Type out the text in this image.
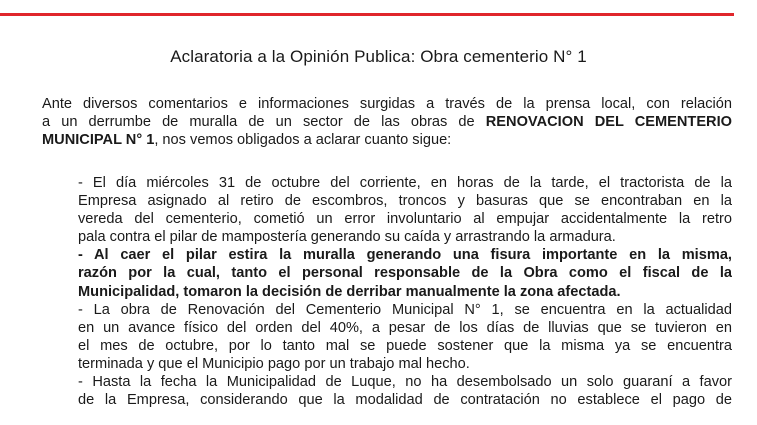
Aclaratoria a la Opinión Publica: Obra cementerio N° 1
Ante diversos comentarios e informaciones surgidas a través de la prensa local, con relación
a un derrumbe de muralla de un sector de las obras de RENOVACION DEL CEMENTERIO
MUNICIPAL N° 1, nos vemos obligados a aclarar cuanto sigue:
- El día miércoles 31 de octubre del corriente, en horas de la tarde, el tractorista de la
Empresa asignado al retiro de escombros, troncos y basuras que se encontraban en la
vereda del cementerio, cometió un error involuntario al empujar accidentalmente la retro
pala contra el pilar de mampostería generando su caída y arrastrando la armadura.
- Al caer el pilar estira la muralla generando una fisura importante en la misma,
razón por la cual, tanto el personal responsable de la Obra como el fiscal de la
Municipalidad, tomaron la decisión de derribar manualmente la zona afectada.
- La obra de Renovación del Cementerio Municipal N° 1, se encuentra en la actualidad
en un avance físico del orden del 40%, a pesar de los días de lluvias que se tuvieron en
el mes de octubre, por lo tanto mal se puede sostener que la misma ya se encuentra
terminada y que el Municipio pago por un trabajo mal hecho.
- Hasta la fecha la Municipalidad de Luque, no ha desembolsado un solo guaraní a favor
de la Empresa, considerando que la modalidad de contratación no establece el pago de
